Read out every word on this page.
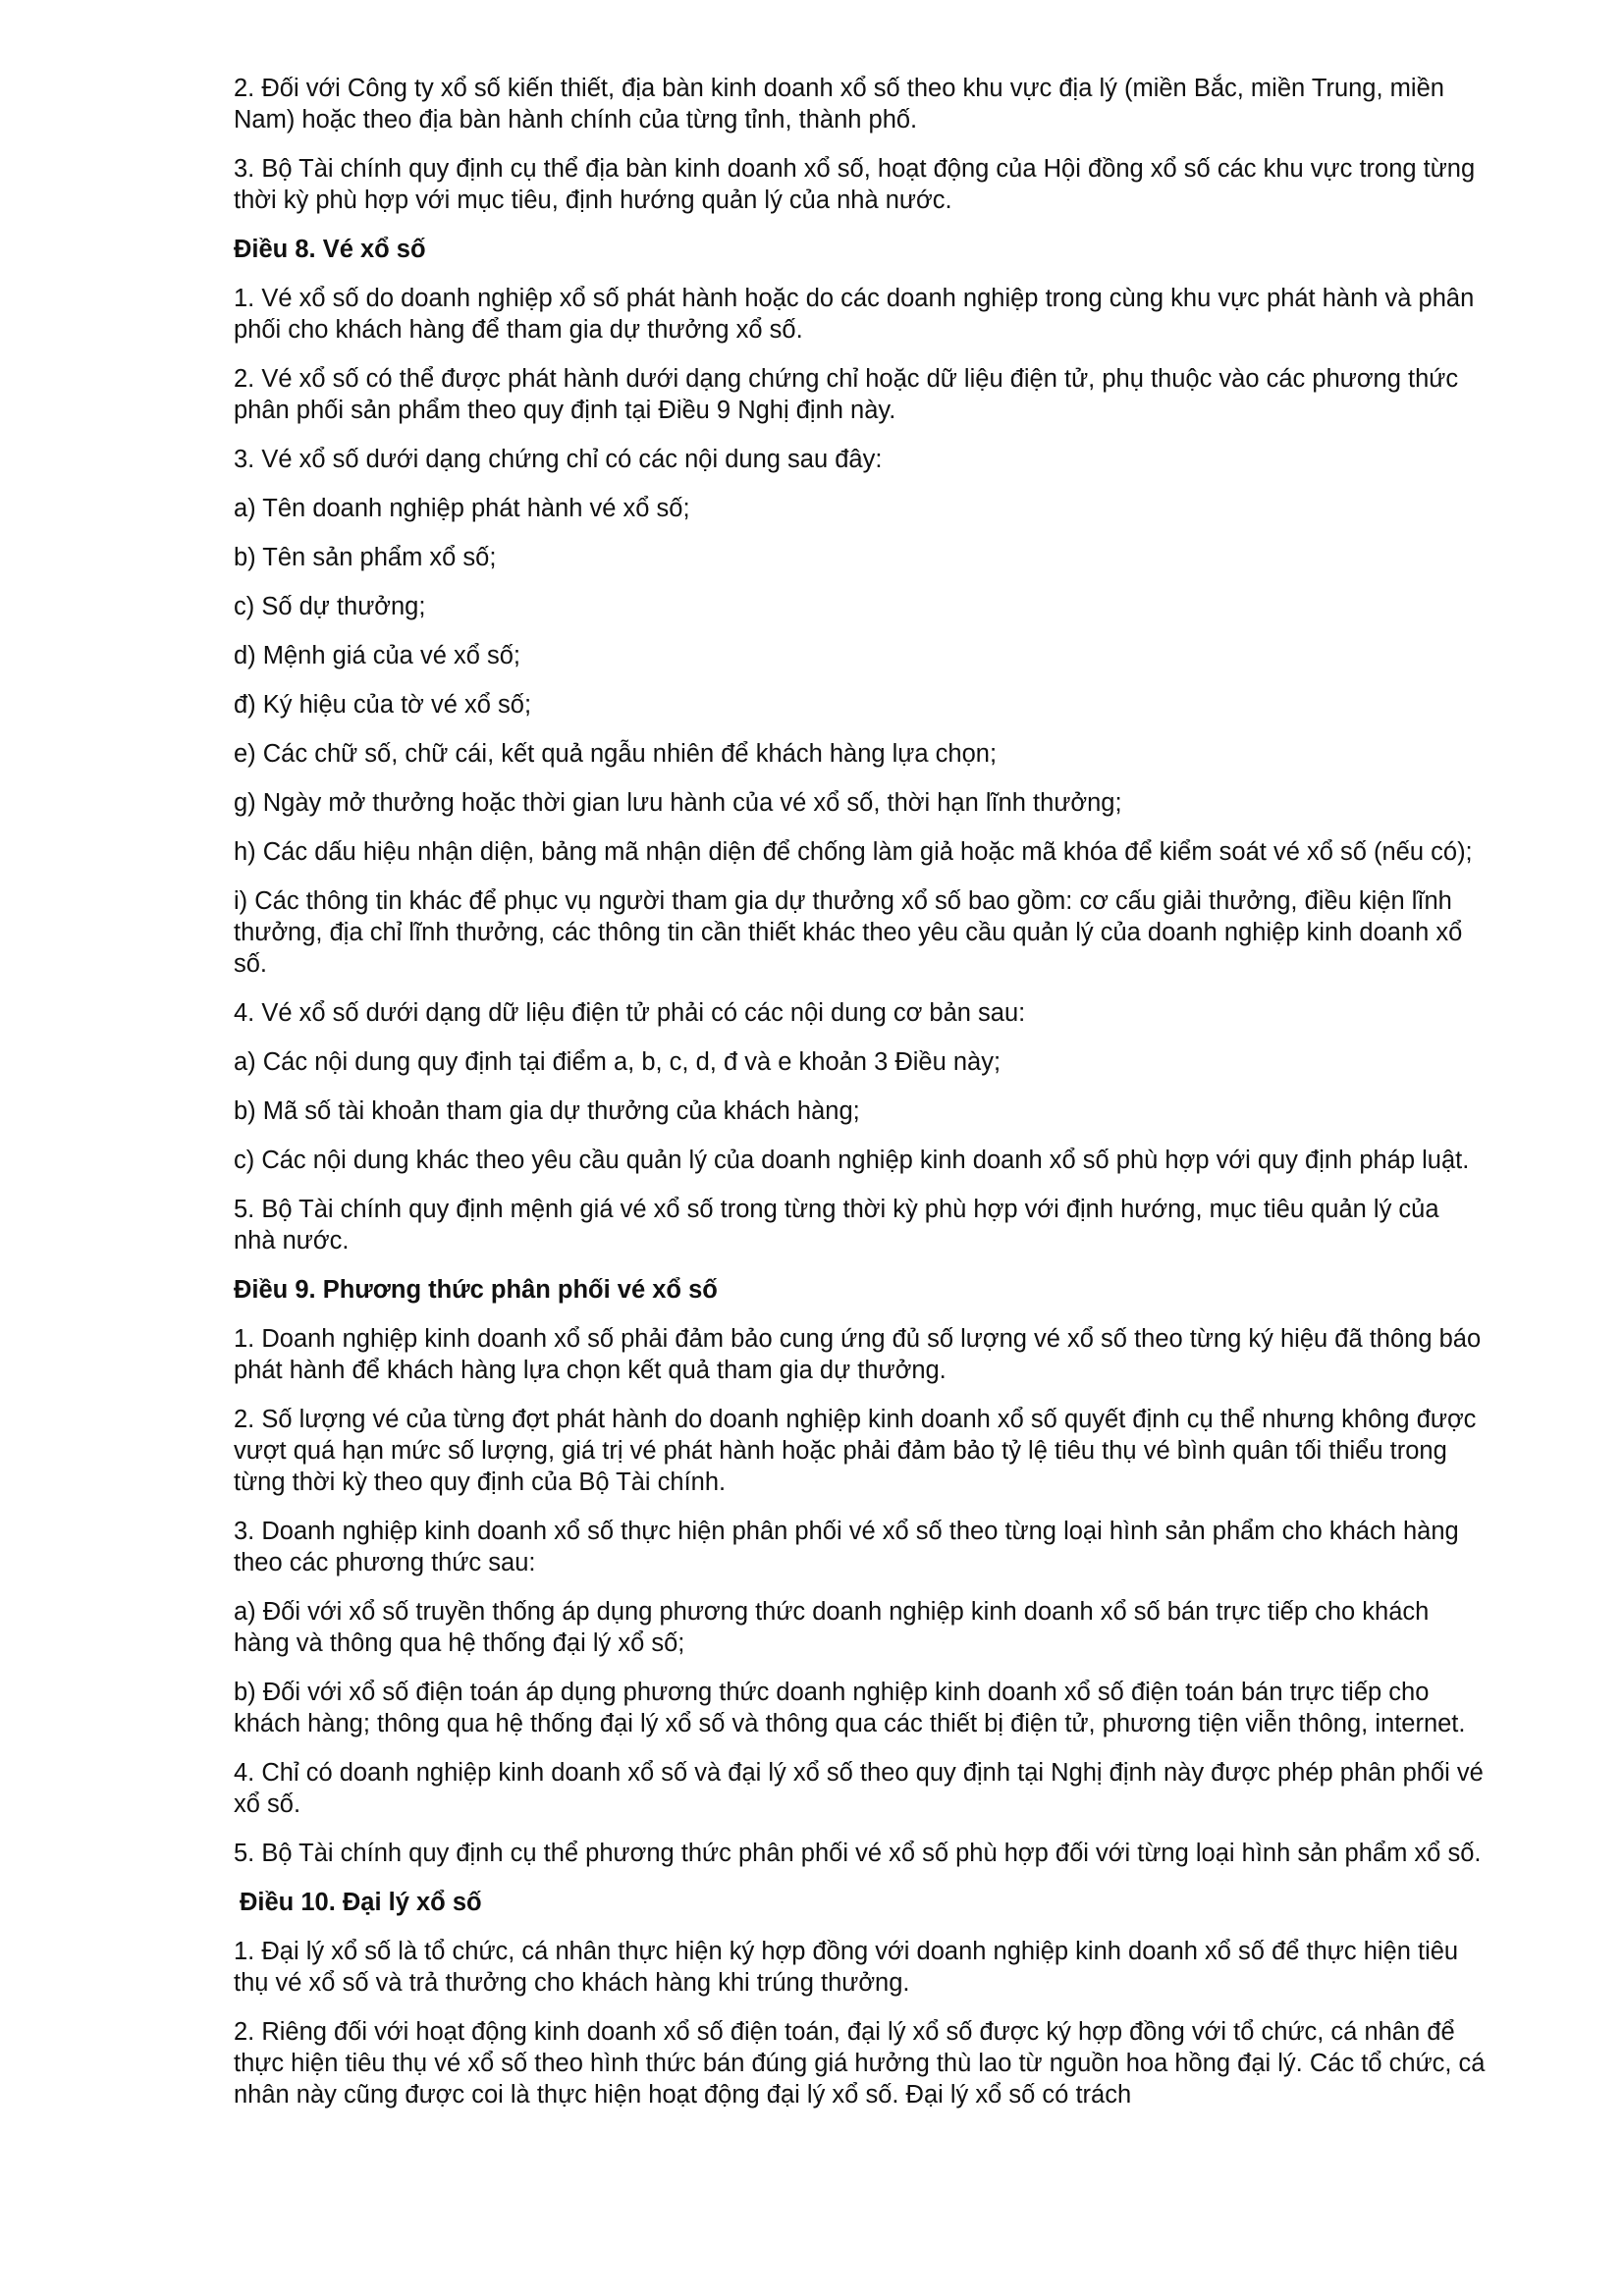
2. Đối với Công ty xổ số kiến thiết, địa bàn kinh doanh xổ số theo khu vực địa lý (miền Bắc, miền Trung, miền Nam) hoặc theo địa bàn hành chính của từng tỉnh, thành phố.

3. Bộ Tài chính quy định cụ thể địa bàn kinh doanh xổ số, hoạt động của Hội đồng xổ số các khu vực trong từng thời kỳ phù hợp với mục tiêu, định hướng quản lý của nhà nước.

Điều 8. Vé xổ số

1. Vé xổ số do doanh nghiệp xổ số phát hành hoặc do các doanh nghiệp trong cùng khu vực phát hành và phân phối cho khách hàng để tham gia dự thưởng xổ số.

2. Vé xổ số có thể được phát hành dưới dạng chứng chỉ hoặc dữ liệu điện tử, phụ thuộc vào các phương thức phân phối sản phẩm theo quy định tại Điều 9 Nghị định này.

3. Vé xổ số dưới dạng chứng chỉ có các nội dung sau đây:

a) Tên doanh nghiệp phát hành vé xổ số;

b) Tên sản phẩm xổ số;

c) Số dự thưởng;

d) Mệnh giá của vé xổ số;

đ) Ký hiệu của tờ vé xổ số;

e) Các chữ số, chữ cái, kết quả ngẫu nhiên để khách hàng lựa chọn;

g) Ngày mở thưởng hoặc thời gian lưu hành của vé xổ số, thời hạn lĩnh thưởng;

h) Các dấu hiệu nhận diện, bảng mã nhận diện để chống làm giả hoặc mã khóa để kiểm soát vé xổ số (nếu có);

i) Các thông tin khác để phục vụ người tham gia dự thưởng xổ số bao gồm: cơ cấu giải thưởng, điều kiện lĩnh thưởng, địa chỉ lĩnh thưởng, các thông tin cần thiết khác theo yêu cầu quản lý của doanh nghiệp kinh doanh xổ số.

4. Vé xổ số dưới dạng dữ liệu điện tử phải có các nội dung cơ bản sau:

a) Các nội dung quy định tại điểm a, b, c, d, đ và e khoản 3 Điều này;

b) Mã số tài khoản tham gia dự thưởng của khách hàng;

c) Các nội dung khác theo yêu cầu quản lý của doanh nghiệp kinh doanh xổ số phù hợp với quy định pháp luật.

5. Bộ Tài chính quy định mệnh giá vé xổ số trong từng thời kỳ phù hợp với định hướng, mục tiêu quản lý của nhà nước.

Điều 9. Phương thức phân phối vé xổ số

1. Doanh nghiệp kinh doanh xổ số phải đảm bảo cung ứng đủ số lượng vé xổ số theo từng ký hiệu đã thông báo phát hành để khách hàng lựa chọn kết quả tham gia dự thưởng.

2. Số lượng vé của từng đợt phát hành do doanh nghiệp kinh doanh xổ số quyết định cụ thể nhưng không được vượt quá hạn mức số lượng, giá trị vé phát hành hoặc phải đảm bảo tỷ lệ tiêu thụ vé bình quân tối thiểu trong từng thời kỳ theo quy định của Bộ Tài chính.

3. Doanh nghiệp kinh doanh xổ số thực hiện phân phối vé xổ số theo từng loại hình sản phẩm cho khách hàng theo các phương thức sau:

a) Đối với xổ số truyền thống áp dụng phương thức doanh nghiệp kinh doanh xổ số bán trực tiếp cho khách hàng và thông qua hệ thống đại lý xổ số;

b) Đối với xổ số điện toán áp dụng phương thức doanh nghiệp kinh doanh xổ số điện toán bán trực tiếp cho khách hàng; thông qua hệ thống đại lý xổ số và thông qua các thiết bị điện tử, phương tiện viễn thông, internet.

4. Chỉ có doanh nghiệp kinh doanh xổ số và đại lý xổ số theo quy định tại Nghị định này được phép phân phối vé xổ số.

5. Bộ Tài chính quy định cụ thể phương thức phân phối vé xổ số phù hợp đối với từng loại hình sản phẩm xổ số.

Điều 10. Đại lý xổ số

1. Đại lý xổ số là tổ chức, cá nhân thực hiện ký hợp đồng với doanh nghiệp kinh doanh xổ số để thực hiện tiêu thụ vé xổ số và trả thưởng cho khách hàng khi trúng thưởng.

2. Riêng đối với hoạt động kinh doanh xổ số điện toán, đại lý xổ số được ký hợp đồng với tổ chức, cá nhân để thực hiện tiêu thụ vé xổ số theo hình thức bán đúng giá hưởng thù lao từ nguồn hoa hồng đại lý. Các tổ chức, cá nhân này cũng được coi là thực hiện hoạt động đại lý xổ số. Đại lý xổ số có trách
